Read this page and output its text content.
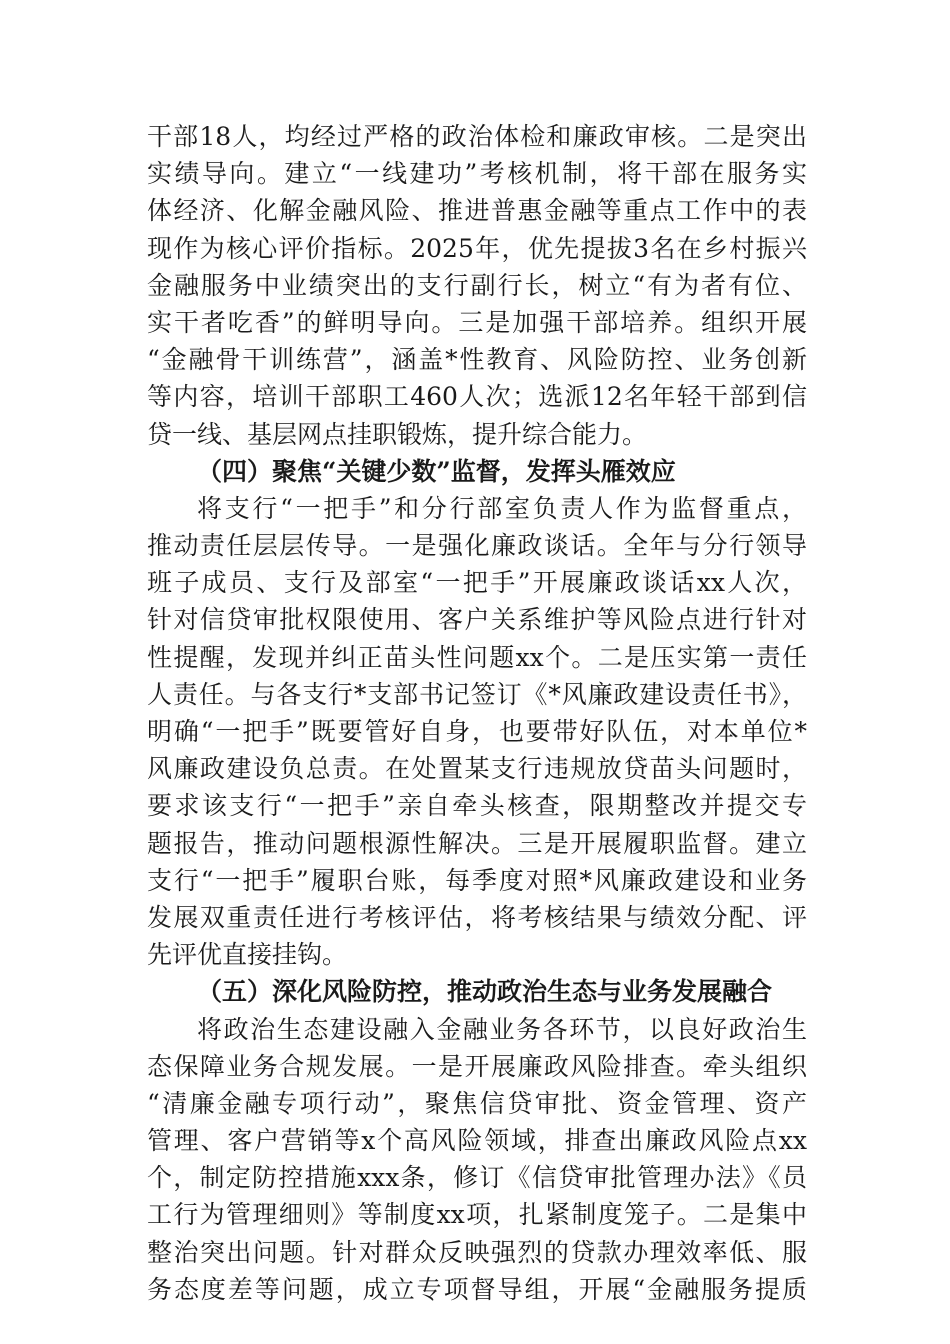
干部18人，均经过严格的政治体检和廉政审核。二是突出
实绩导向。建立“一线建功”考核机制，将干部在服务实
体经济、化解金融风险、推进普惠金融等重点工作中的表
现作为核心评价指标。2025年，优先提拔3名在乡村振兴
金融服务中业绩突出的支行副行长，树立“有为者有位、
实干者吃香”的鲜明导向。三是加强干部培养。组织开展
“金融骨干训练营”，涵盖*性教育、风险防控、业务创新
等内容，培训干部职工460人次；选派12名年轻干部到信
贷一线、基层网点挂职锻炼，提升综合能力。
（四）聚焦“关键少数”监督，发挥头雁效应
将支行“一把手”和分行部室负责人作为监督重点，
推动责任层层传导。一是强化廉政谈话。全年与分行领导
班子成员、支行及部室“一把手”开展廉政谈话xx人次，
针对信贷审批权限使用、客户关系维护等风险点进行针对
性提醒，发现并纠正苗头性问题xx个。二是压实第一责任
人责任。与各支行*支部书记签订《*风廉政建设责任书》，
明确“一把手”既要管好自身，也要带好队伍，对本单位*
风廉政建设负总责。在处置某支行违规放贷苗头问题时，
要求该支行“一把手”亲自牵头核查，限期整改并提交专
题报告，推动问题根源性解决。三是开展履职监督。建立
支行“一把手”履职台账，每季度对照*风廉政建设和业务
发展双重责任进行考核评估，将考核结果与绩效分配、评
先评优直接挂钩。
（五）深化风险防控，推动政治生态与业务发展融合
将政治生态建设融入金融业务各环节，以良好政治生
态保障业务合规发展。一是开展廉政风险排查。牵头组织
“清廉金融专项行动”，聚焦信贷审批、资金管理、资产
管理、客户营销等x个高风险领域，排查出廉政风险点xx
个，制定防控措施xxx条，修订《信贷审批管理办法》《员
工行为管理细则》等制度xx项，扎紧制度笼子。二是集中
整治突出问题。针对群众反映强烈的贷款办理效率低、服
务态度差等问题，成立专项督导组，开展“金融服务提质
